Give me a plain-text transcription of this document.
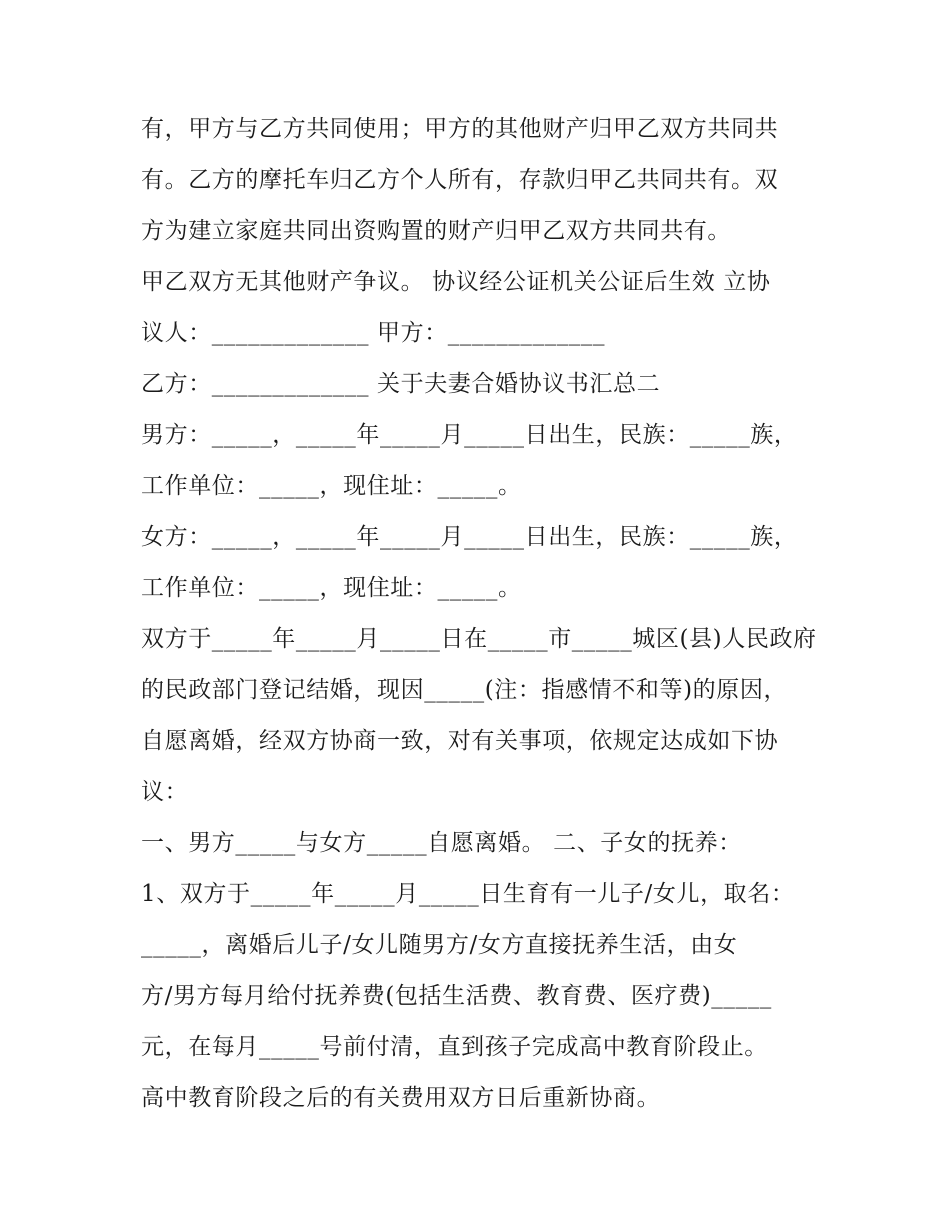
有，甲方与乙方共同使用；甲方的其他财产归甲乙双方共同共
有。乙方的摩托车归乙方个人所有，存款归甲乙共同共有。双
方为建立家庭共同出资购置的财产归甲乙双方共同共有。
甲乙双方无其他财产争议。 协议经公证机关公证后生效 立协
议人：_____________ 甲方：_____________
乙方：_____________ 关于夫妻合婚协议书汇总二
男方：_____，_____年_____月_____日出生，民族：_____族，
工作单位：_____，现住址：_____。
女方：_____，_____年_____月_____日出生，民族：_____族，
工作单位：_____，现住址：_____。
双方于_____年_____月_____日在_____市_____城区(县)人民政府
的民政部门登记结婚，现因_____(注：指感情不和等)的原因，
自愿离婚，经双方协商一致，对有关事项，依规定达成如下协
议：
一、男方_____与女方_____自愿离婚。 二、子女的抚养：
1、双方于_____年_____月_____日生育有一儿子/女儿，取名：
_____，离婚后儿子/女儿随男方/女方直接抚养生活，由女
方/男方每月给付抚养费(包括生活费、教育费、医疗费)_____
元，在每月_____号前付清，直到孩子完成高中教育阶段止。
高中教育阶段之后的有关费用双方日后重新协商。
